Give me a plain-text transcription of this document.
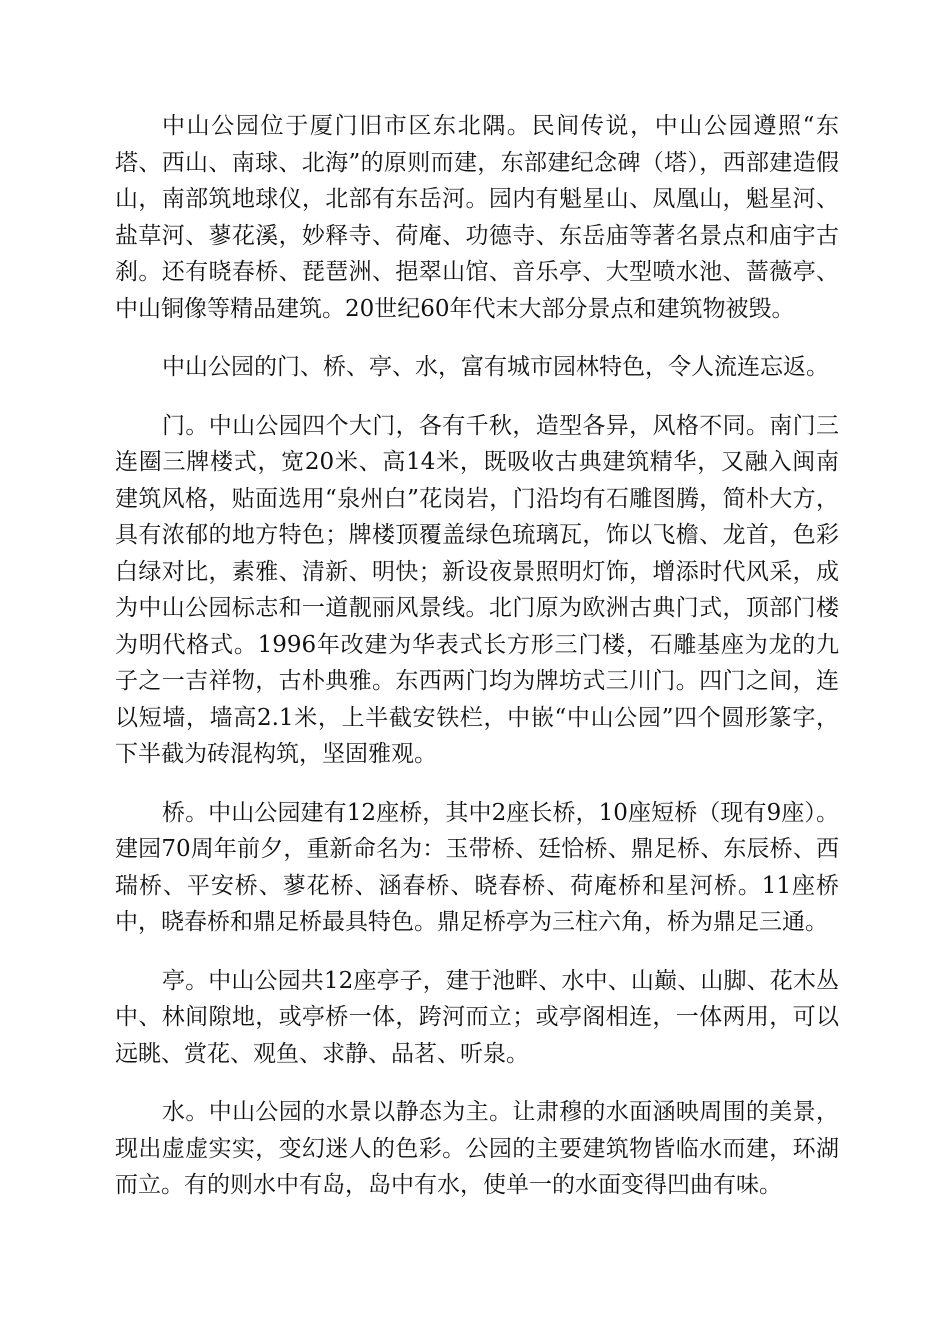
中山公园位于厦门旧市区东北隅。民间传说，中山公园遵照“东塔、西山、南球、北海”的原则而建，东部建纪念碑（塔），西部建造假山，南部筑地球仪，北部有东岳河。园内有魁星山、凤凰山，魁星河、盐草河、蓼花溪，妙释寺、荷庵、功德寺、东岳庙等著名景点和庙宇古刹。还有晓春桥、琵琶洲、挹翠山馆、音乐亭、大型喷水池、蔷薇亭、中山铜像等精品建筑。20世纪60年代末大部分景点和建筑物被毁。

中山公园的门、桥、亭、水，富有城市园林特色，令人流连忘返。

门。中山公园四个大门，各有千秋，造型各异，风格不同。南门三连圈三牌楼式，宽20米、高14米，既吸收古典建筑精华，又融入闽南建筑风格，贴面选用“泉州白”花岗岩，门沿均有石雕图腾，简朴大方，具有浓郁的地方特色；牌楼顶覆盖绿色琉璃瓦，饰以飞檐、龙首，色彩白绿对比，素雅、清新、明快；新设夜景照明灯饰，增添时代风采，成为中山公园标志和一道靓丽风景线。北门原为欧洲古典门式，顶部门楼为明代格式。1996年改建为华表式长方形三门楼，石雕基座为龙的九子之一吉祥物，古朴典雅。东西两门均为牌坊式三川门。四门之间，连以短墙，墙高2.1米，上半截安铁栏，中嵌“中山公园”四个圆形篆字，下半截为砖混构筑，坚固雅观。

桥。中山公园建有12座桥，其中2座长桥，10座短桥（现有9座）。建园70周年前夕，重新命名为：玉带桥、廷恰桥、鼎足桥、东辰桥、西瑞桥、平安桥、蓼花桥、涵春桥、晓春桥、荷庵桥和星河桥。11座桥中，晓春桥和鼎足桥最具特色。鼎足桥亭为三柱六角，桥为鼎足三通。

亭。中山公园共12座亭子，建于池畔、水中、山巅、山脚、花木丛中、林间隙地，或亭桥一体，跨河而立；或亭阁相连，一体两用，可以远眺、赏花、观鱼、求静、品茗、听泉。

水。中山公园的水景以静态为主。让肃穆的水面涵映周围的美景，现出虚虚实实，变幻迷人的色彩。公园的主要建筑物皆临水而建，环湖而立。有的则水中有岛，岛中有水，使单一的水面变得凹曲有味。
